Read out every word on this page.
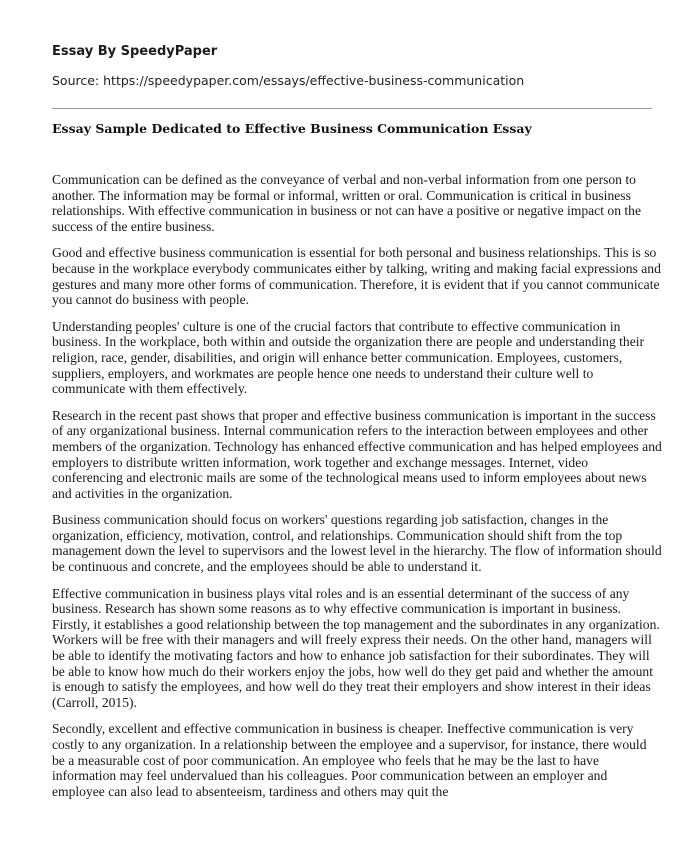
Essay By SpeedyPaper

Source: https://speedypaper.com/essays/effective-business-communication

Essay Sample Dedicated to Effective Business Communication Essay

Communication can be defined as the conveyance of verbal and non-verbal information from one person to another. The information may be formal or informal, written or oral. Communication is critical in business relationships. With effective communication in business or not can have a positive or negative impact on the success of the entire business.

Good and effective business communication is essential for both personal and business relationships. This is so because in the workplace everybody communicates either by talking, writing and making facial expressions and gestures and many more other forms of communication. Therefore, it is evident that if you cannot communicate you cannot do business with people.

Understanding peoples' culture is one of the crucial factors that contribute to effective communication in business. In the workplace, both within and outside the organization there are people and understanding their religion, race, gender, disabilities, and origin will enhance better communication. Employees, customers, suppliers, employers, and workmates are people hence one needs to understand their culture well to communicate with them effectively.

Research in the recent past shows that proper and effective business communication is important in the success of any organizational business. Internal communication refers to the interaction between employees and other members of the organization. Technology has enhanced effective communication and has helped employees and employers to distribute written information, work together and exchange messages. Internet, video conferencing and electronic mails are some of the technological means used to inform employees about news and activities in the organization.

Business communication should focus on workers' questions regarding job satisfaction, changes in the organization, efficiency, motivation, control, and relationships. Communication should shift from the top management down the level to supervisors and the lowest level in the hierarchy. The flow of information should be continuous and concrete, and the employees should be able to understand it.

Effective communication in business plays vital roles and is an essential determinant of the success of any business. Research has shown some reasons as to why effective communication is important in business. Firstly, it establishes a good relationship between the top management and the subordinates in any organization. Workers will be free with their managers and will freely express their needs. On the other hand, managers will be able to identify the motivating factors and how to enhance job satisfaction for their subordinates. They will be able to know how much do their workers enjoy the jobs, how well do they get paid and whether the amount is enough to satisfy the employees, and how well do they treat their employers and show interest in their ideas (Carroll, 2015).

Secondly, excellent and effective communication in business is cheaper. Ineffective communication is very costly to any organization. In a relationship between the employee and a supervisor, for instance, there would be a measurable cost of poor communication. An employee who feels that he may be the last to have information may feel undervalued than his colleagues. Poor communication between an employer and employee can also lead to absenteeism, tardiness and others may quit the
